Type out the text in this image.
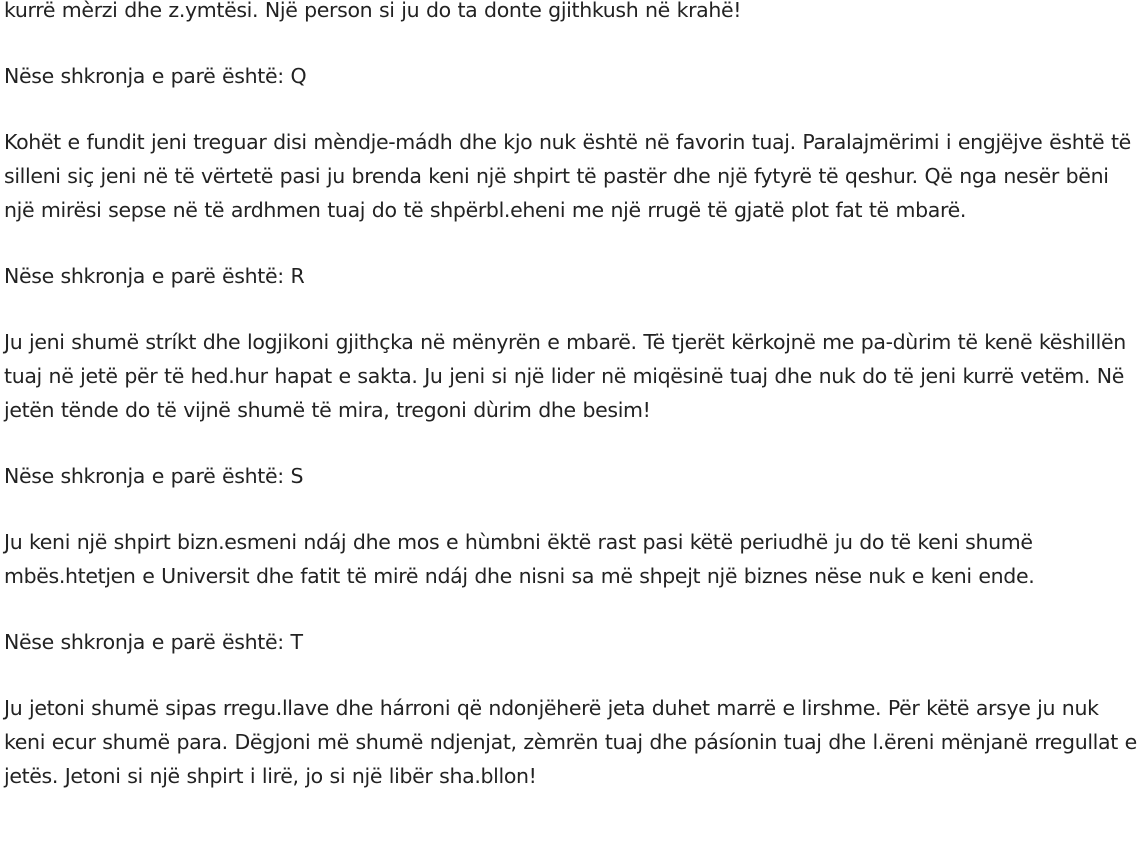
kurrë mèrzi dhe z.ymtësi. Një person si ju do ta donte gjithkush në krahë!

Nëse shkronja e parë është: Q

Kohët e fundit jeni treguar disi mèndje-mádh dhe kjo nuk është në favorin tuaj. Paralajmërimi i engjëjve është të silleni siç jeni në të vërtetë pasi ju brenda keni një shpirt të pastër dhe një fytyrë të qeshur. Që nga nesër bëni një mirësi sepse në të ardhmen tuaj do të shpërbl.eheni me një rrugë të gjatë plot fat të mbarë.

Nëse shkronja e parë është: R

Ju jeni shumë stríkt dhe logjikoni gjithçka në mënyrën e mbarë. Të tjerët kërkojnë me pa-dùrim të kenë këshillën tuaj në jetë për të hed.hur hapat e sakta. Ju jeni si një lider në miqësinë tuaj dhe nuk do të jeni kurrë vetëm. Në jetën tënde do të vijnë shumë të mira, tregoni dùrim dhe besim!

Nëse shkronja e parë është: S

Ju keni një shpirt bizn.esmeni ndáj dhe mos e hùmbni ëktë rast pasi këtë periudhë ju do të keni shumë mbës.htetjen e Universit dhe fatit të mirë ndáj dhe nisni sa më shpejt një biznes nëse nuk e keni ende.

Nëse shkronja e parë është: T

Ju jetoni shumë sipas rregu.llave dhe hárroni që ndonjëherë jeta duhet marrë e lirshme. Për këtë arsye ju nuk keni ecur shumë para. Dëgjoni më shumë ndjenjat, zèmrën tuaj dhe pásíonin tuaj dhe l.ëreni mënjanë rregullat e jetës. Jetoni si një shpirt i lirë, jo si një libër sha.bllon!
